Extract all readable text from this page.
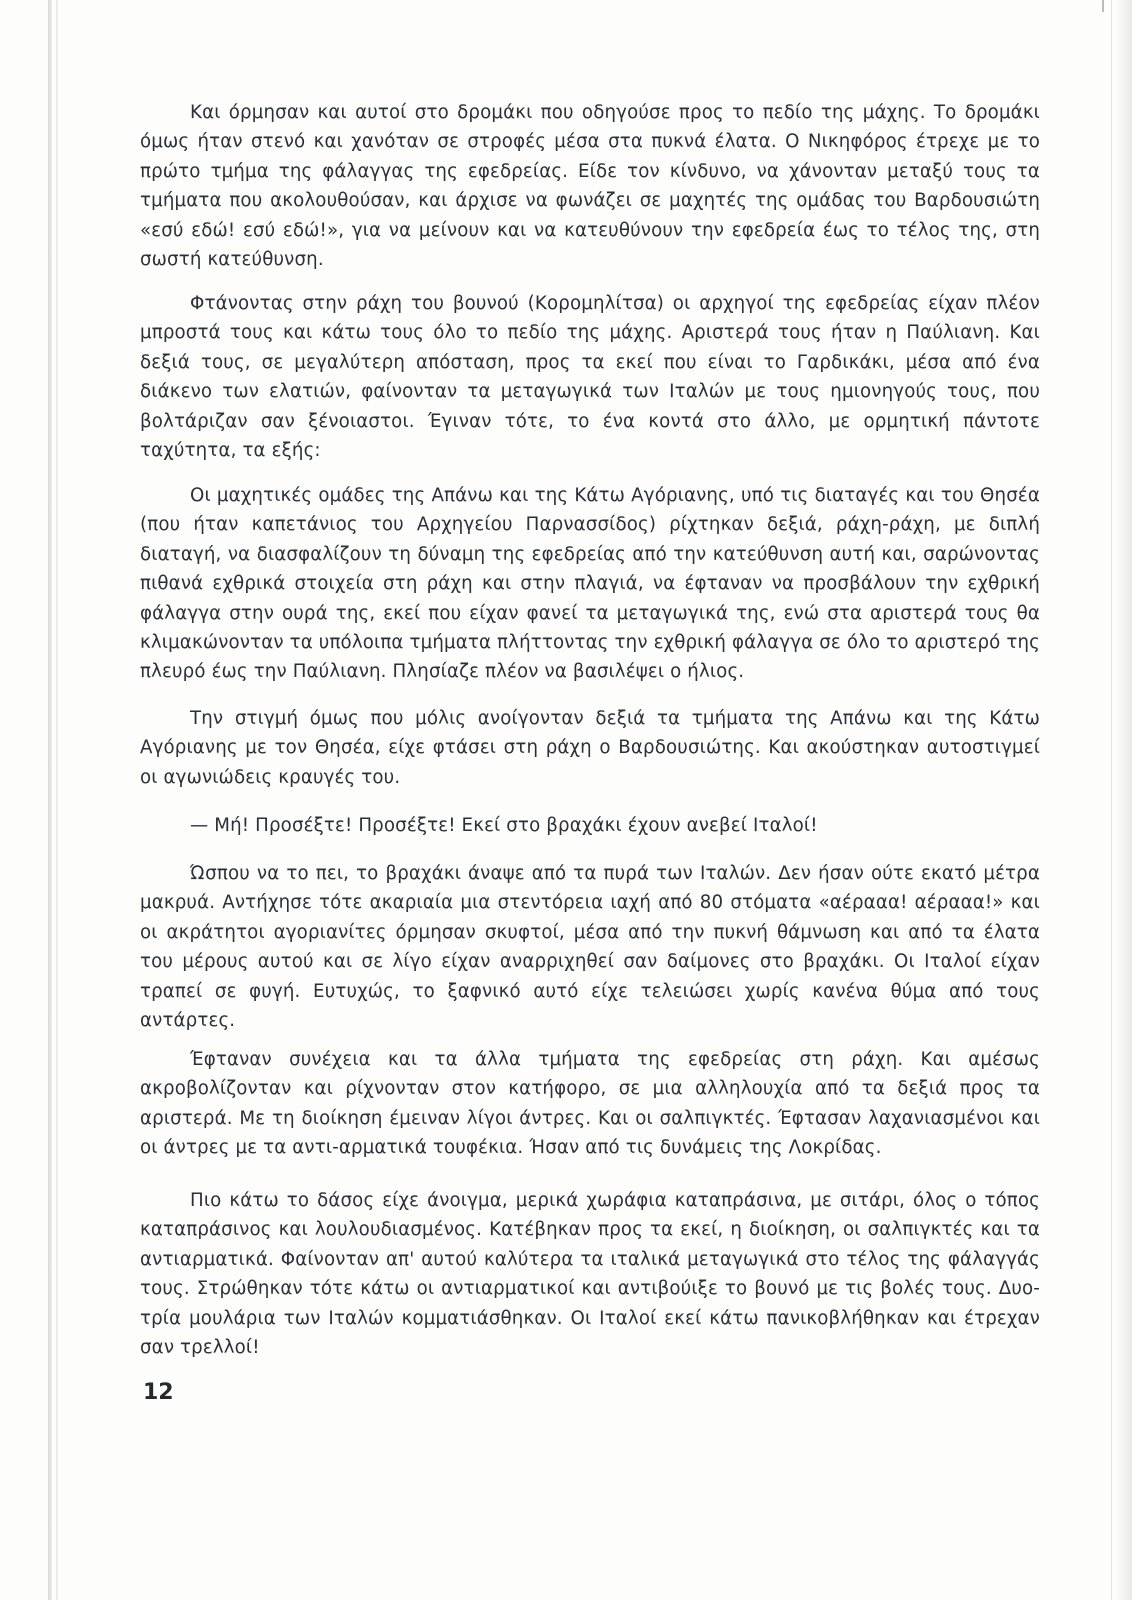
Και όρμησαν και αυτοί στο δρομάκι που οδηγούσε προς το πεδίο της μάχης. Το δρομάκι όμως ήταν στενό και χανόταν σε στροφές μέσα στα πυκνά έλατα. Ο Νικηφόρος έτρεχε με το πρώτο τμήμα της φάλαγγας της εφεδρείας. Είδε τον κίνδυνο, να χάνονταν μεταξύ τους τα τμήματα που ακολουθούσαν, και άρχισε να φωνάζει σε μαχητές της ομάδας του Βαρδουσιώτη «εσύ εδώ! εσύ εδώ!», για να μείνουν και να κατευθύνουν την εφεδρεία έως το τέλος της, στη σωστή κατεύθυνση.

Φτάνοντας στην ράχη του βουνού (Κορομηλίτσα) οι αρχηγοί της εφεδρείας είχαν πλέον μπροστά τους και κάτω τους όλο το πεδίο της μάχης. Αριστερά τους ήταν η Παύλιανη. Και δεξιά τους, σε μεγαλύτερη απόσταση, προς τα εκεί που είναι το Γαρδικάκι, μέσα από ένα διάκενο των ελατιών, φαίνονταν τα μεταγωγικά των Ιταλών με τους ημιονηγούς τους, που βολτάριζαν σαν ξένοιαστοι. Έγιναν τότε, το ένα κοντά στο άλλο, με ορμητική πάντοτε ταχύτητα, τα εξής:

Οι μαχητικές ομάδες της Απάνω και της Κάτω Αγόριανης, υπό τις διαταγές και του Θησέα (που ήταν καπετάνιος του Αρχηγείου Παρνασσίδος) ρίχτηκαν δεξιά, ράχη-ράχη, με διπλή διαταγή, να διασφαλίζουν τη δύναμη της εφεδρείας από την κατεύθυνση αυτή και, σαρώνοντας πιθανά εχθρικά στοιχεία στη ράχη και στην πλαγιά, να έφταναν να προσβάλουν την εχθρική φάλαγγα στην ουρά της, εκεί που είχαν φανεί τα μεταγωγικά της, ενώ στα αριστερά τους θα κλιμακώνονταν τα υπόλοιπα τμήματα πλήττοντας την εχθρική φάλαγγα σε όλο το αριστερό της πλευρό έως την Παύλιανη. Πλησίαζε πλέον να βασιλέψει ο ήλιος.

Την στιγμή όμως που μόλις ανοίγονταν δεξιά τα τμήματα της Απάνω και της Κάτω Αγόριανης με τον Θησέα, είχε φτάσει στη ράχη ο Βαρδουσιώτης. Και ακούστηκαν αυτοστιγμεί οι αγωνιώδεις κραυγές του.

— Μή! Προσέξτε! Προσέξτε! Εκεί στο βραχάκι έχουν ανεβεί Ιταλοί!

Ώσπου να το πει, το βραχάκι άναψε από τα πυρά των Ιταλών. Δεν ήσαν ούτε εκατό μέτρα μακρυά. Αντήχησε τότε ακαριαία μια στεντόρεια ιαχή από 80 στόματα «αέρααα! αέρααα!» και οι ακράτητοι αγοριανίτες όρμησαν σκυφτοί, μέσα από την πυκνή θάμνωση και από τα έλατα του μέρους αυτού και σε λίγο είχαν αναρριχηθεί σαν δαίμονες στο βραχάκι. Οι Ιταλοί είχαν τραπεί σε φυγή. Ευτυχώς, το ξαφνικό αυτό είχε τελειώσει χωρίς κανένα θύμα από τους αντάρτες.

Έφταναν συνέχεια και τα άλλα τμήματα της εφεδρείας στη ράχη. Και αμέσως ακροβολίζονταν και ρίχνονταν στον κατήφορο, σε μια αλληλουχία από τα δεξιά προς τα αριστερά. Με τη διοίκηση έμειναν λίγοι άντρες. Και οι σαλπιγκτές. Έφτασαν λαχανιασμένοι και οι άντρες με τα αντι-αρματικά τουφέκια. Ήσαν από τις δυνάμεις της Λοκρίδας.

Πιο κάτω το δάσος είχε άνοιγμα, μερικά χωράφια καταπράσινα, με σιτάρι, όλος ο τόπος καταπράσινος και λουλουδιασμένος. Κατέβηκαν προς τα εκεί, η διοίκηση, οι σαλπιγκτές και τα αντιαρματικά. Φαίνονταν απ' αυτού καλύτερα τα ιταλικά μεταγωγικά στο τέλος της φάλαγγάς τους. Στρώθηκαν τότε κάτω οι αντιαρματικοί και αντιβούιξε το βουνό με τις βολές τους. Δυο-τρία μουλάρια των Ιταλών κομματιάσθηκαν. Οι Ιταλοί εκεί κάτω πανικοβλήθηκαν και έτρεχαν σαν τρελλοί!

12
